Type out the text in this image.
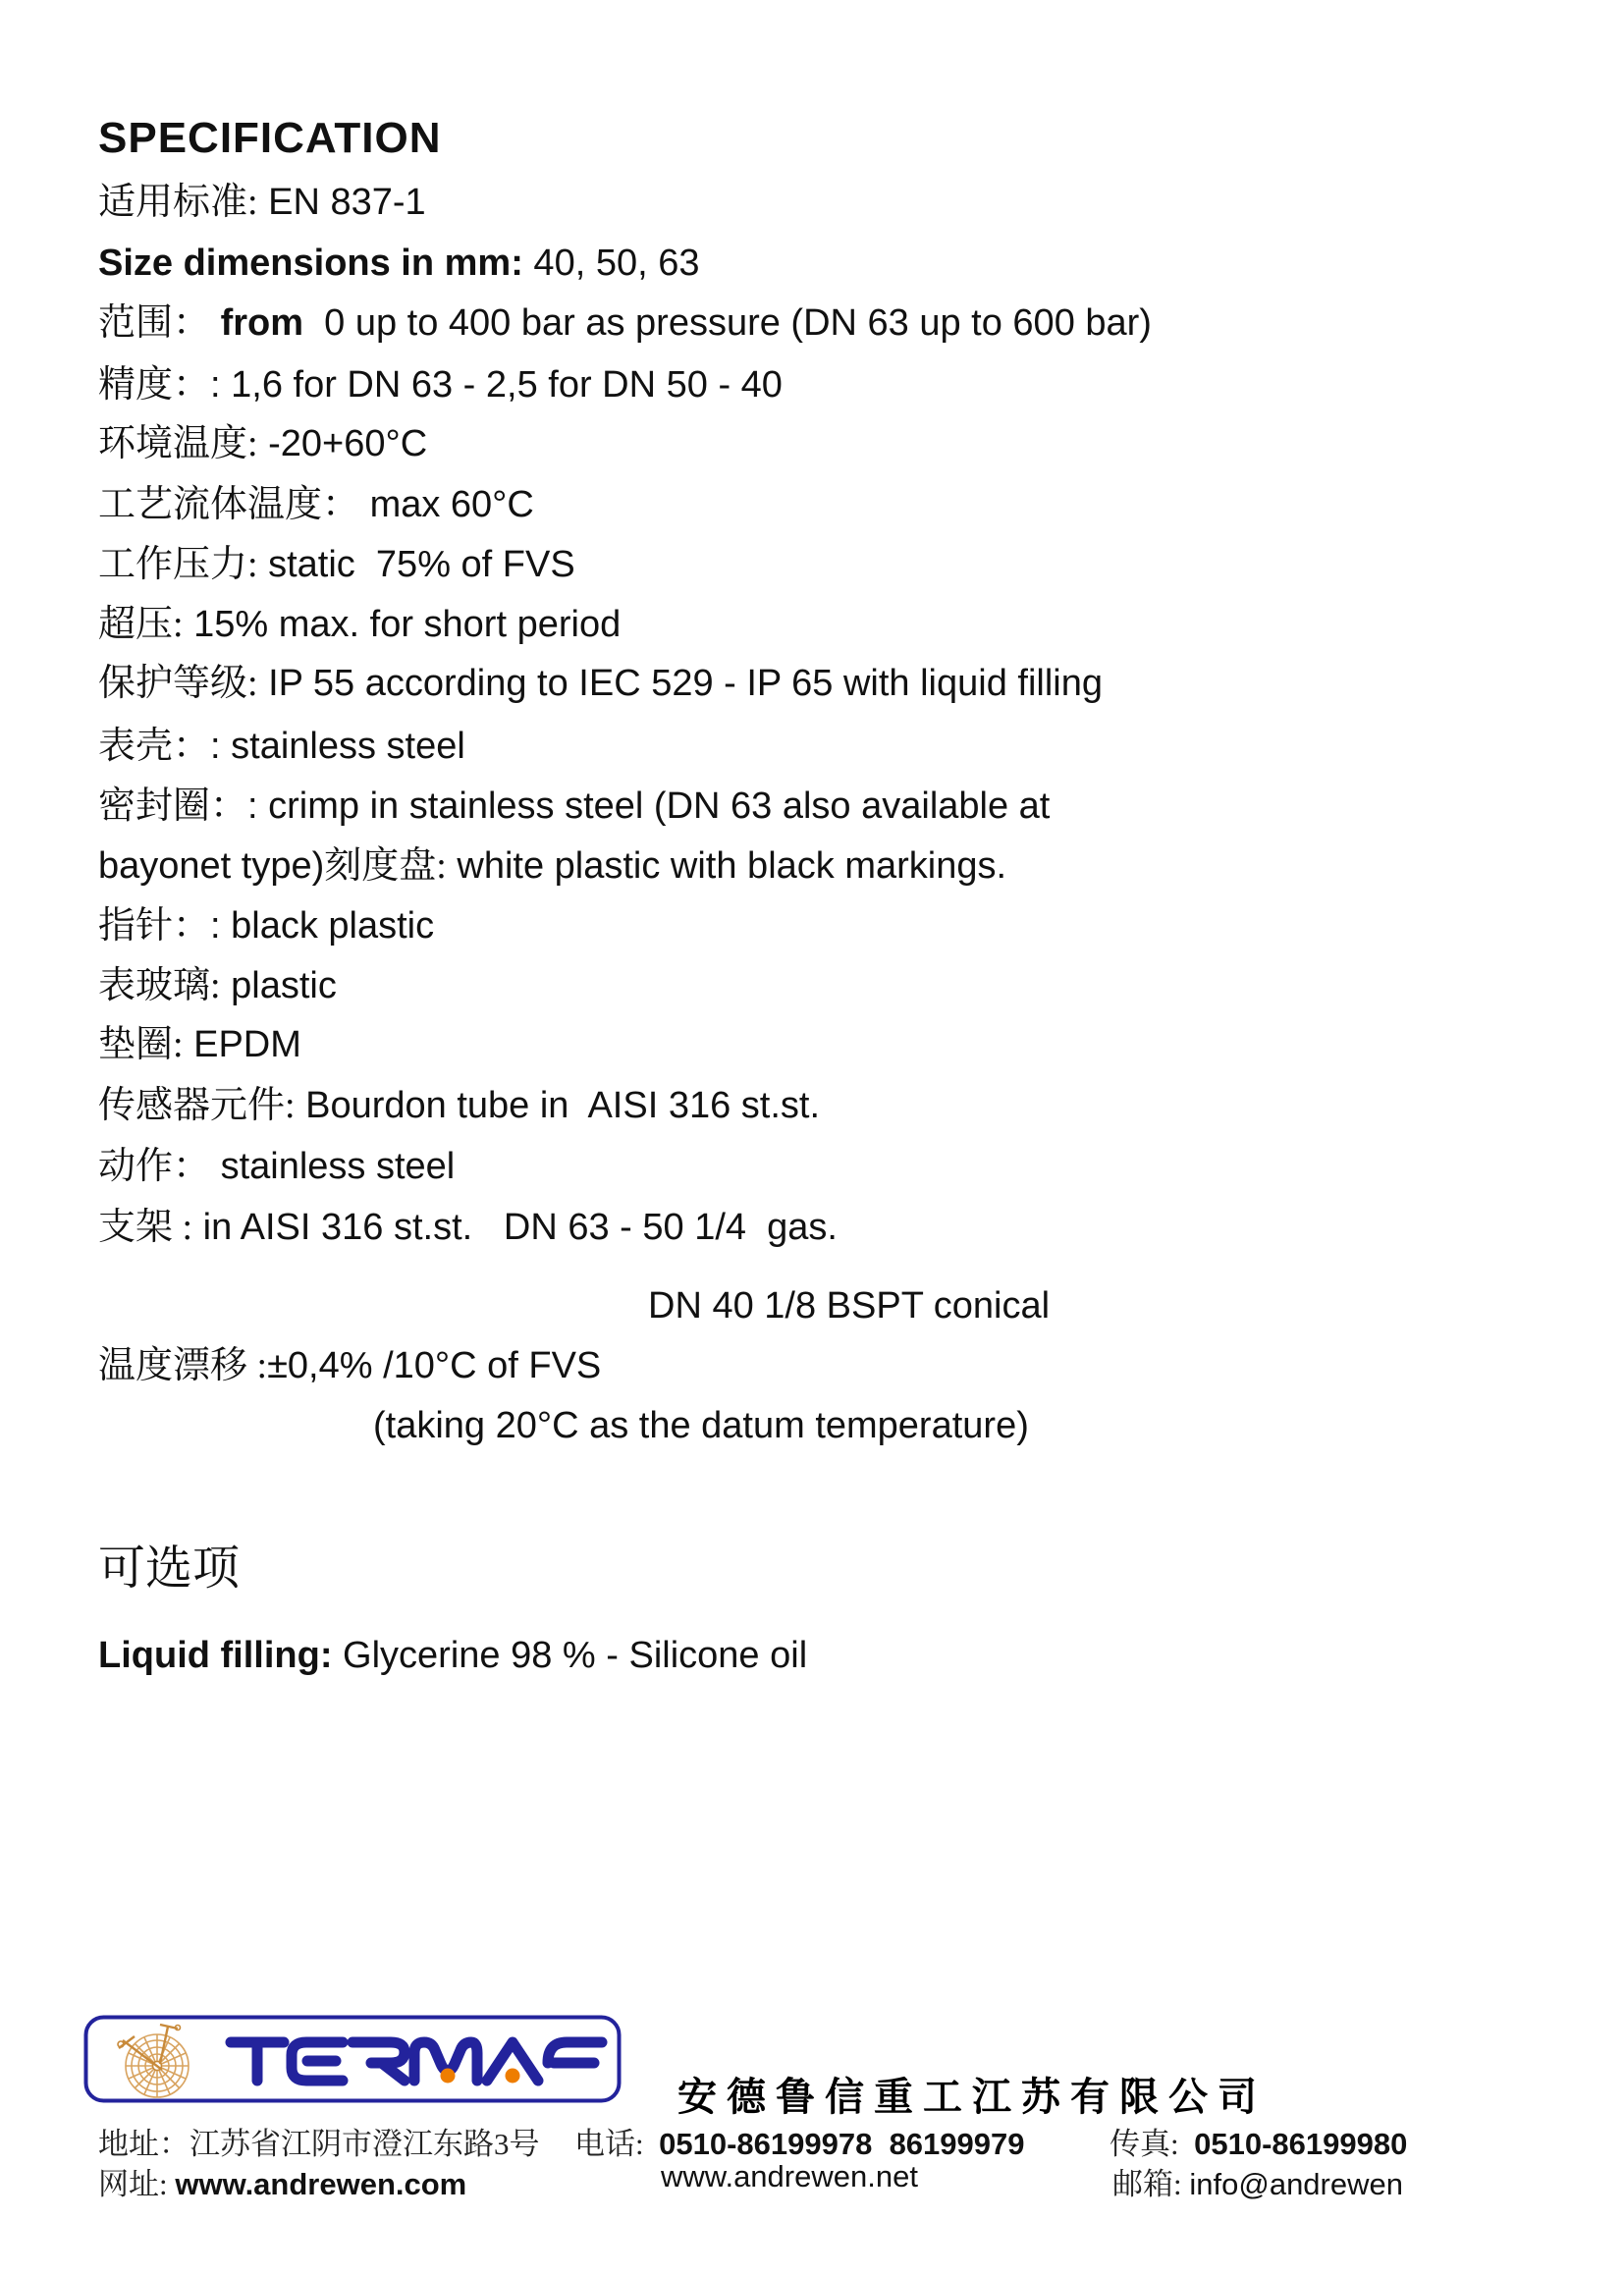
SPECIFICATION
适用标准: EN 837-1
Size dimensions in mm: 40, 50, 63
范围： from  0 up to 400 bar as pressure (DN 63 up to 600 bar)
精度：: 1,6 for DN 63 - 2,5 for DN 50 - 40
环境温度: -20+60°C
工艺流体温度： max 60°C
工作压力: static  75% of FVS
超压: 15% max. for short period
保护等级: IP 55 according to IEC 529 - IP 65 with liquid filling
表壳：: stainless steel
密封圈：: crimp in stainless steel (DN 63 also available at
bayonet type)刻度盘: white plastic with black markings.
指针：: black plastic
表玻璃: plastic
垫圈: EPDM
传感器元件: Bourdon tube in  AISI 316 st.st.
动作： stainless steel
支架 : in AISI 316 st.st.   DN 63 - 50 1/4  gas.
DN 40 1/8 BSPT conical
温度漂移 :±0,4% /10°C of FVS
(taking 20°C as the datum temperature)
可选项
Liquid filling: Glycerine 98 % - Silicone oil
安德鲁信重工江苏有限公司
地址：江苏省江阴市澄江东路3号 电话:  0510-86199978  86199979	传真:  0510-86199980
网址: www.andrewen.com	www.andrewen.net	邮箱: info@andrewen
